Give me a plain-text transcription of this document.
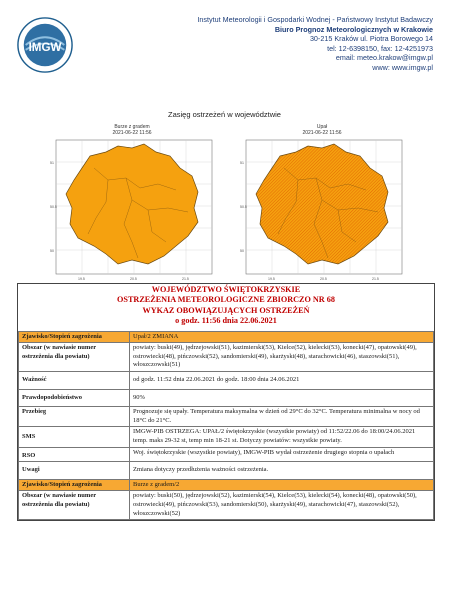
IMGW
Instytut Meteorologii i Gospodarki Wodnej - Państwowy Instytut Badawczy
Biuro Prognoz Meteorologicznych w Krakowie
30-215 Kraków ul. Piotra Borowego 14
tel: 12-6398150, fax: 12-4251973
email: meteo.krakow@imgw.pl
www: www.imgw.pl
Zasięg ostrzeżeń w województwie
Burze z gradem
2021-06-22 11:56
51
50.5
50
19.5	20.5	21.5
Upał
2021-06-22 11:56
51
50.5
50
19.5	20.5	21.5
WOJEWÓDZTWO ŚWIĘTOKRZYSKIE
OSTRZEŻENIA METEOROLOGICZNE ZBIORCZO NR 68
WYKAZ OBOWIĄZUJĄCYCH OSTRZEŻEŃ
o godz. 11:56 dnia 22.06.2021
Zjawisko/Stopień zagrożenia	Upał/2 ZMIANA
Obszar (w nawiasie numer ostrzeżenia dla powiatu)	powiaty: buski(49), jędrzejowski(51), kazimierski(53), Kielce(52), kielecki(53), konecki(47), opatowski(49), ostrowiecki(48), pińczowski(52), sandomierski(49), skarżyski(48), starachowicki(46), staszowski(51), włoszczowski(51)
Ważność	od godz. 11:52 dnia 22.06.2021 do godz. 18:00 dnia 24.06.2021
Prawdopodobieństwo	90%
Przebieg	Prognozuje się upały. Temperatura maksymalna w dzień od 29°C do 32°C. Temperatura minimalna w nocy od 18°C do 21°C.
SMS	IMGW-PIB OSTRZEGA: UPAŁ/2 świętokrzyskie (wszystkie powiaty) od 11:52/22.06 do 18:00/24.06.2021 temp. maks 29-32 st, temp min 18-21 st. Dotyczy powiatów: wszystkie powiaty.
RSO	Woj. świętokrzyskie (wszystkie powiaty), IMGW-PIB wydał ostrzeżenie drugiego stopnia o upałach
Uwagi	Zmiana dotyczy przedłużenia ważności ostrzeżenia.
Zjawisko/Stopień zagrożenia	Burze z gradem/2
Obszar (w nawiasie numer ostrzeżenia dla powiatu)	powiaty: buski(50), jędrzejowski(52), kazimierski(54), Kielce(53), kielecki(54), konecki(48), opatowski(50), ostrowiecki(49), pińczowski(53), sandomierski(50), skarżyski(49), starachowicki(47), staszowski(52), włoszczowski(52)
